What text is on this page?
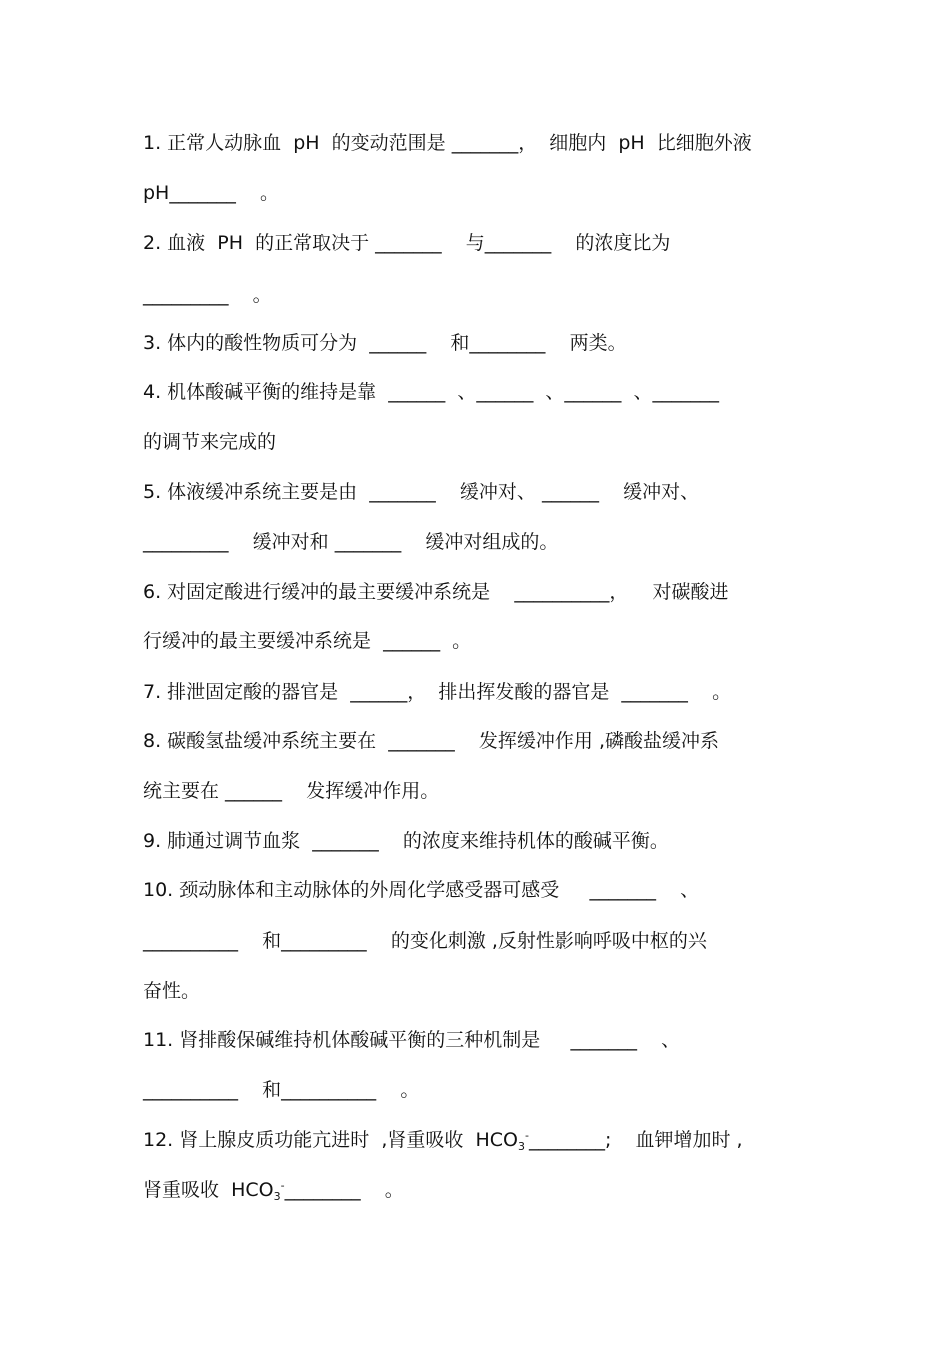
1. 正常人动脉血  pH  的变动范围是 _______，  细胞内  pH  比细胞外液
pH_______    。
2. 血液  PH  的正常取决于 _______    与_______    的浓度比为
_________    。
3. 体内的酸性物质可分为  ______    和________    两类。
4. 机体酸碱平衡的维持是靠  ______  、______  、______  、_______
的调节来完成的
5. 体液缓冲系统主要是由  _______    缓冲对、 ______    缓冲对、
_________    缓冲对和 _______    缓冲对组成的。
6. 对固定酸进行缓冲的最主要缓冲系统是    __________，    对碳酸进
行缓冲的最主要缓冲系统是  ______  。
7. 排泄固定酸的器官是  ______，  排出挥发酸的器官是  _______    。
8. 碳酸氢盐缓冲系统主要在  _______    发挥缓冲作用 ,磷酸盐缓冲系
统主要在 ______    发挥缓冲作用。
9. 肺通过调节血浆  _______    的浓度来维持机体的酸碱平衡。
10. 颈动脉体和主动脉体的外周化学感受器可感受     _______    、
__________    和_________    的变化刺激 ,反射性影响呼吸中枢的兴
奋性。
11. 肾排酸保碱维持机体酸碱平衡的三种机制是     _______    、
__________    和__________    。
12. 肾上腺皮质功能亢进时  ,肾重吸收  $HCO_3^-\_\_\_\_\_\_\_\_$;    血钾增加时 ,
肾重吸收  $HCO_3^-\_\_\_\_\_\_\_\_$    。
